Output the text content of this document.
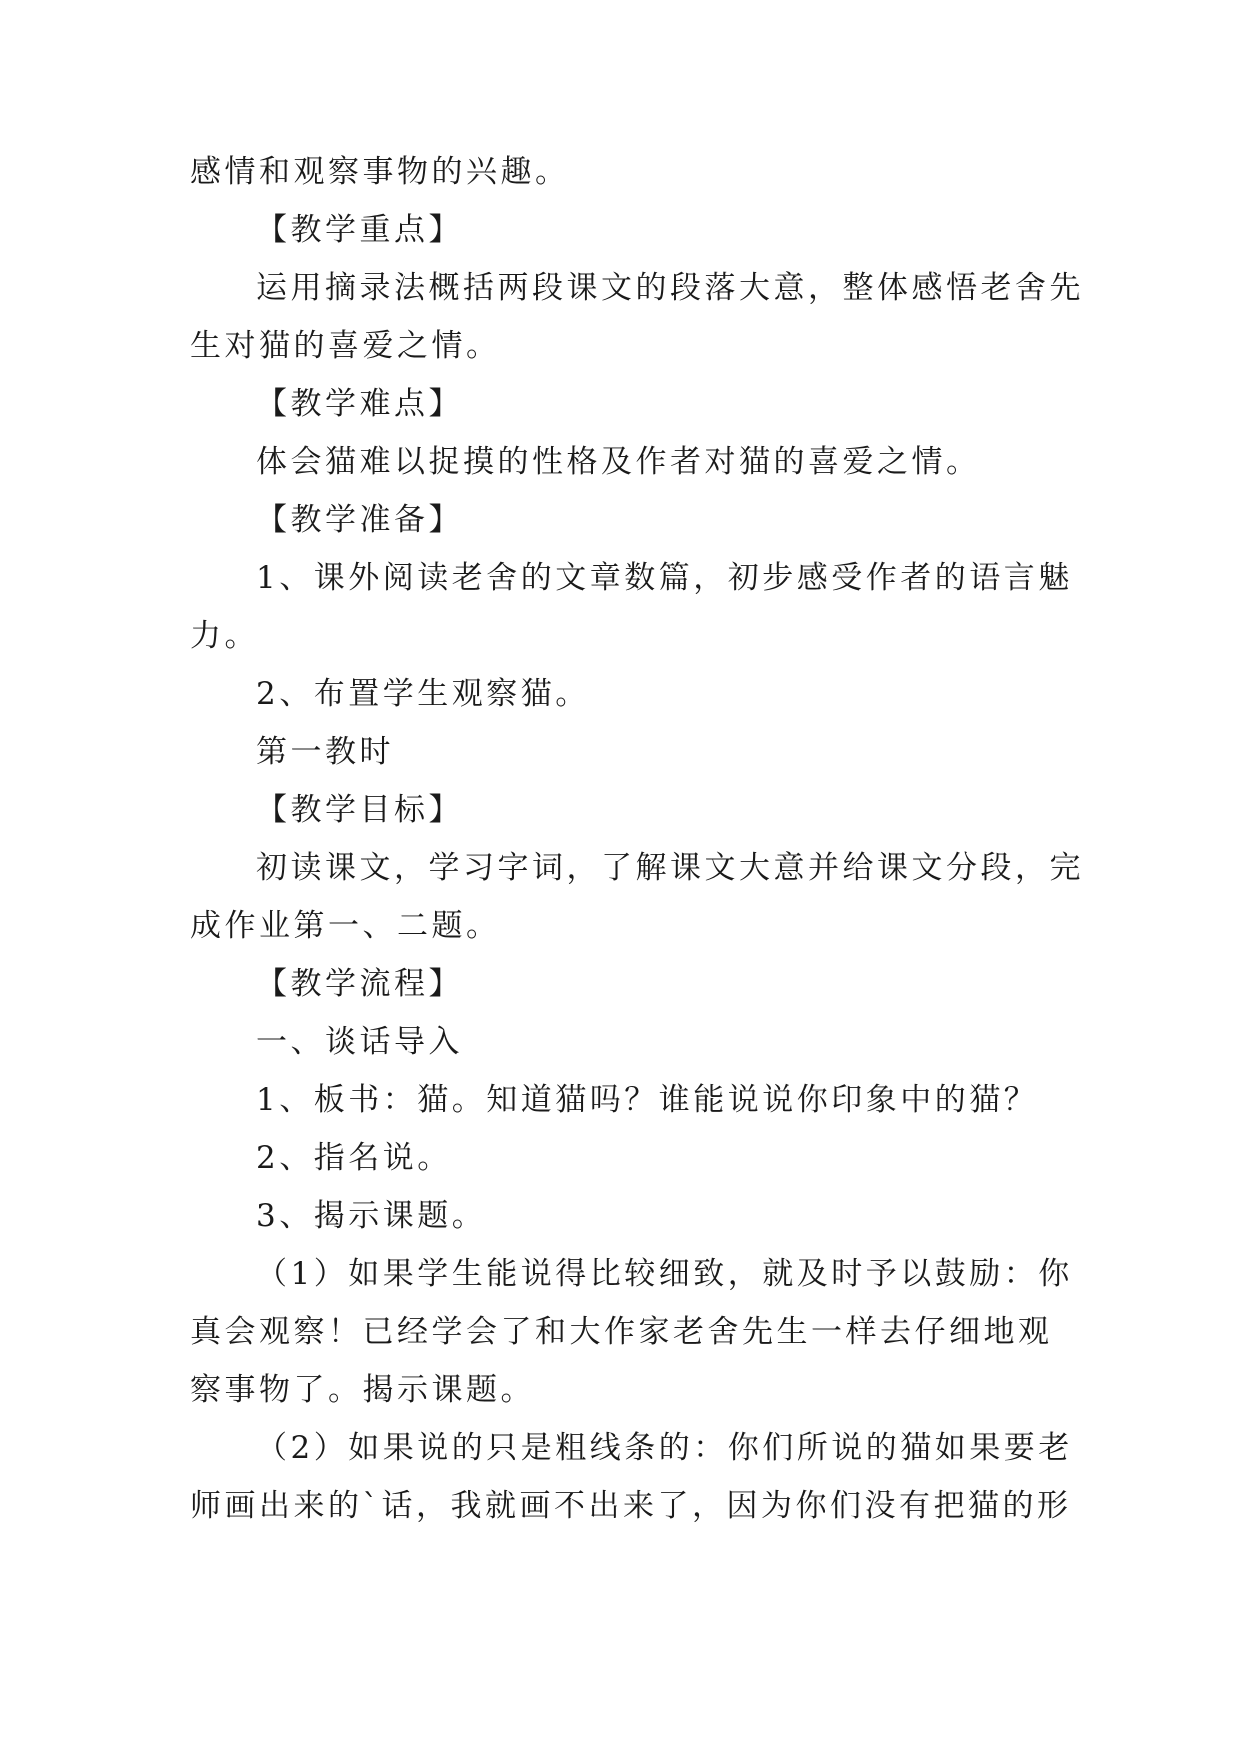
感情和观察事物的兴趣。
【教学重点】
运用摘录法概括两段课文的段落大意，整体感悟老舍先
生对猫的喜爱之情。
【教学难点】
体会猫难以捉摸的性格及作者对猫的喜爱之情。
【教学准备】
1、课外阅读老舍的文章数篇，初步感受作者的语言魅
力。
2、布置学生观察猫。
第一教时
【教学目标】
初读课文，学习字词，了解课文大意并给课文分段，完
成作业第一、二题。
【教学流程】
一、谈话导入
1、板书：猫。知道猫吗？谁能说说你印象中的猫？
2、指名说。
3、揭示课题。
（1）如果学生能说得比较细致，就及时予以鼓励：你
真会观察！已经学会了和大作家老舍先生一样去仔细地观
察事物了。揭示课题。
（2）如果说的只是粗线条的：你们所说的猫如果要老
师画出来的`话，我就画不出来了，因为你们没有把猫的形
